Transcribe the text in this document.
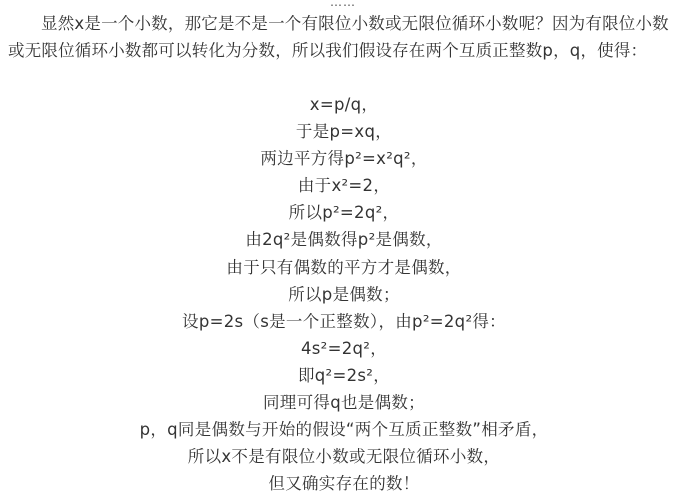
……

显然x是一个小数，那它是不是一个有限位小数或无限位循环小数呢？因为有限位小数或无限位循环小数都可以转化为分数，所以我们假设存在两个互质正整数p，q，使得：

x=p/q，
于是p=xq，
两边平方得p²=x²q²，
由于x²=2，
所以p²=2q²，
由2q²是偶数得p²是偶数，
由于只有偶数的平方才是偶数，
所以p是偶数；
设p=2s（s是一个正整数），由p²=2q²得：
4s²=2q²，
即q²=2s²，
同理可得q也是偶数；
p，q同是偶数与开始的假设“两个互质正整数”相矛盾，
所以x不是有限位小数或无限位循环小数，
但又确实存在的数！
